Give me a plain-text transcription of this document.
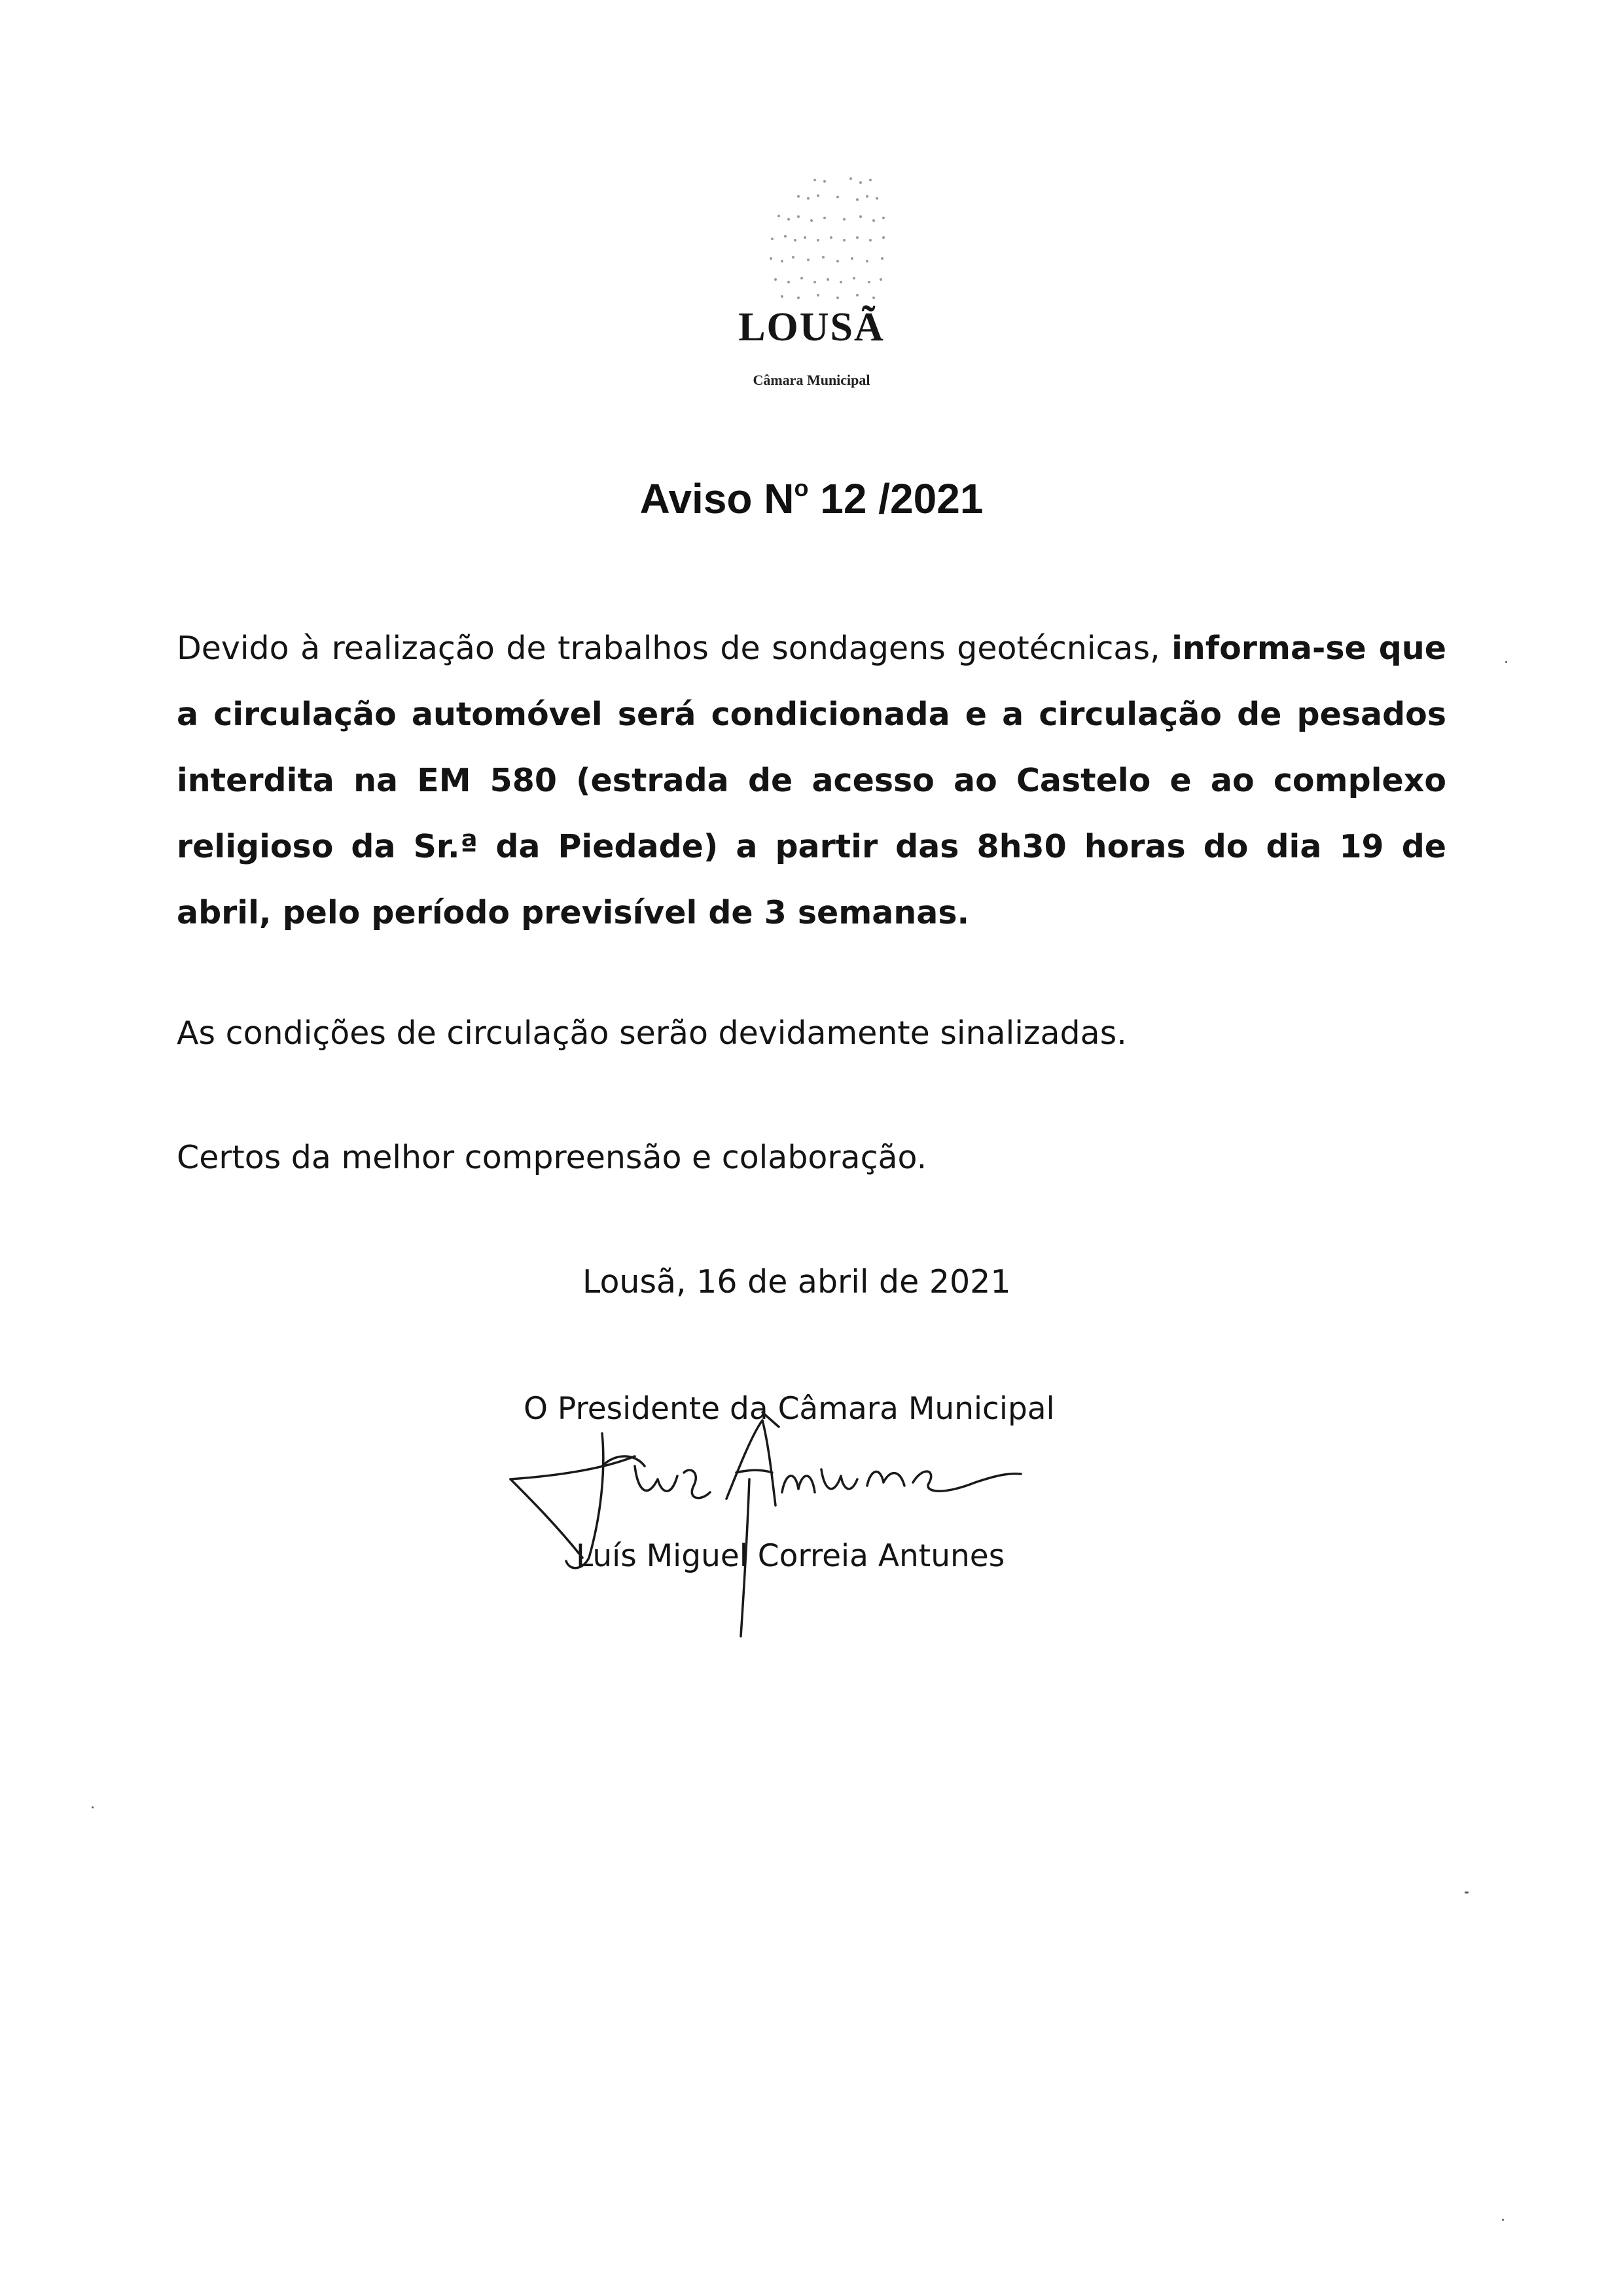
LOUSÃ
Câmara Municipal
Aviso $N^o$ 12 /2021
Devido à realização de trabalhos de sondagens geotécnicas, informa-se que a circulação automóvel será condicionada e a circulação de pesados interdita na EM 580 (estrada de acesso ao Castelo e ao complexo religioso da Sr.ª da Piedade) a partir das 8h30 horas do dia 19 de abril, pelo período previsível de 3 semanas.
As condições de circulação serão devidamente sinalizadas.
Certos da melhor compreensão e colaboração.
Lousã, 16 de abril de 2021
O Presidente da Câmara Municipal
Luís Miguel Correia Antunes
